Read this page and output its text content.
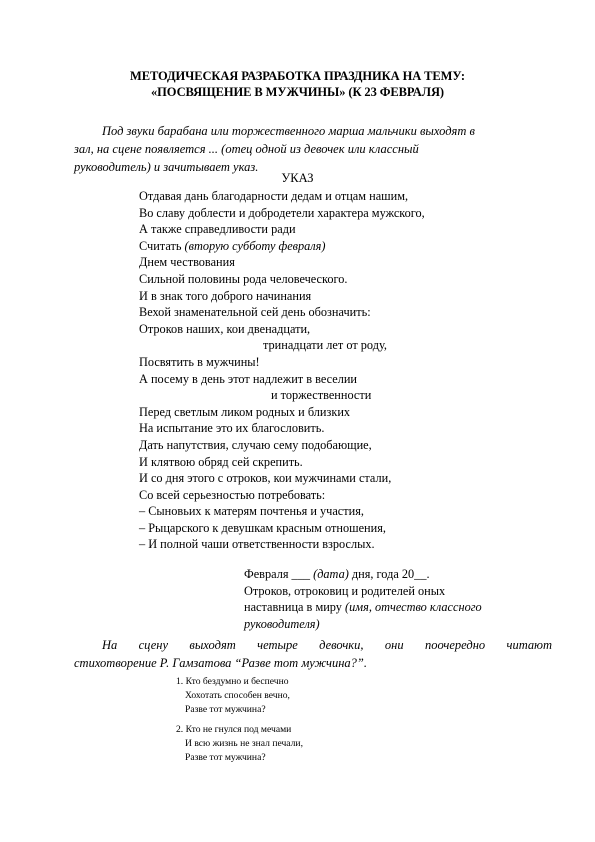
МЕТОДИЧЕСКАЯ РАЗРАБОТКА ПРАЗДНИКА НА ТЕМУ:
«ПОСВЯЩЕНИЕ В МУЖЧИНЫ» (К 23 ФЕВРАЛЯ)

Под звуки барабана или торжественного марша мальчики выходят в

зал, на сцене появляется ... (отец одной из девочек или классный

руководитель) и зачитывает указ.

УКАЗ
Отдавая дань благодарности дедам и отцам нашим,
Во славу доблести и добродетели характера мужского,
А также справедливости ради
Считать (вторую субботу февраля)
Днем чествования
Сильной половины рода человеческого.
И в знак того доброго начинания
Вехой знаменательной сей день обозначить:
Отроков наших, кои двенадцати,
тринадцати лет от роду,
Посвятить в мужчины!
А посему в день этот надлежит в веселии
и торжественности
Перед светлым ликом родных и близких
На испытание это их благословить.
Дать напутствия, случаю сему подобающие,
И клятвою обряд сей скрепить.
И со дня этого с отроков, кои мужчинами стали,
Со всей серьезностью потребовать:
– Сыновьих к матерям почтенья и участия,
– Рыцарского к девушкам красным отношения,
– И полной чаши ответственности взрослых.
Февраля ___ (дата) дня, года 20__.
Отроков, отроковиц и родителей оных
наставница в миру (имя, отчество классного
руководителя)
На сцену выходят четыре девочки, они поочередно читают
стихотворение Р. Гамзатова “Разве тот мужчина?”.
1. Кто бездумно и беспечно
Хохотать способен вечно,
Разве тот мужчина?
2. Кто не гнулся под мечами
И всю жизнь не знал печали,
Разве тот мужчина?
